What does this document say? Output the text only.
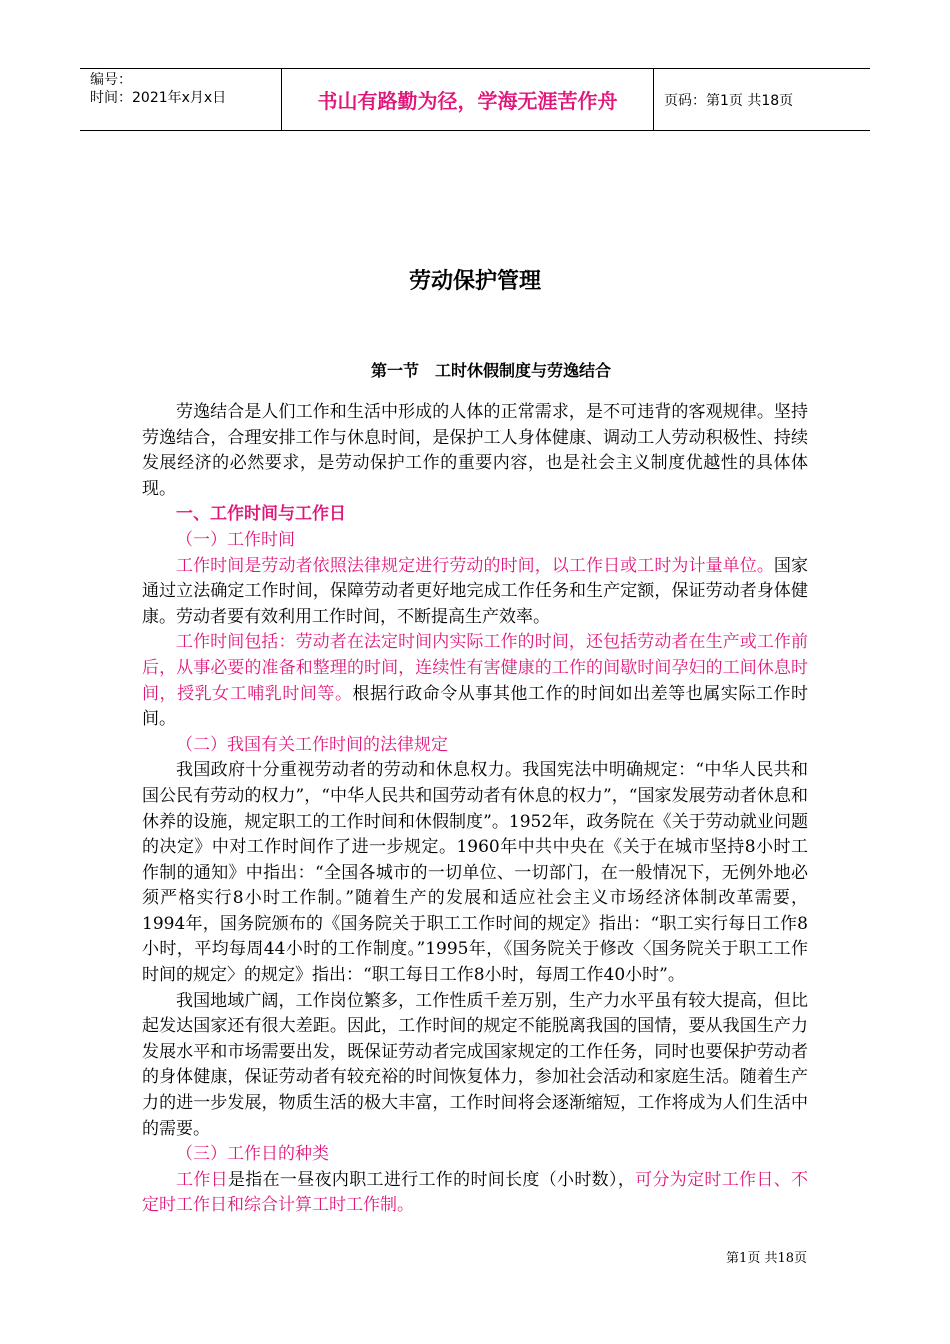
编号：
时间：2021年x月x日	书山有路勤为径，学海无涯苦作舟	页码：第1页 共18页
劳动保护管理
第一节　工时休假制度与劳逸结合

劳逸结合是人们工作和生活中形成的人体的正常需求，是不可违背的客观规律。坚持劳逸结合，合理安排工作与休息时间，是保护工人身体健康、调动工人劳动积极性、持续发展经济的必然要求，是劳动保护工作的重要内容，也是社会主义制度优越性的具体体现。

一、工作时间与工作日
（一）工作时间

工作时间是劳动者依照法律规定进行劳动的时间，以工作日或工时为计量单位。国家通过立法确定工作时间，保障劳动者更好地完成工作任务和生产定额，保证劳动者身体健康。劳动者要有效利用工作时间，不断提高生产效率。

工作时间包括：劳动者在法定时间内实际工作的时间，还包括劳动者在生产或工作前后，从事必要的准备和整理的时间，连续性有害健康的工作的间歇时间孕妇的工间休息时间，授乳女工哺乳时间等。根据行政命令从事其他工作的时间如出差等也属实际工作时间。

（二）我国有关工作时间的法律规定

我国政府十分重视劳动者的劳动和休息权力。我国宪法中明确规定：“中华人民共和国公民有劳动的权力”，“中华人民共和国劳动者有休息的权力”，“国家发展劳动者休息和休养的设施，规定职工的工作时间和休假制度”。1952年，政务院在《关于劳动就业问题的决定》中对工作时间作了进一步规定。1960年中共中央在《关于在城市坚持8小时工作制的通知》中指出：“全国各城市的一切单位、一切部门，在一般情况下，无例外地必须严格实行8小时工作制。”随着生产的发展和适应社会主义市场经济体制改革需要，1994年，国务院颁布的《国务院关于职工工作时间的规定》指出：“职工实行每日工作8小时，平均每周44小时的工作制度。”1995年，《国务院关于修改〈国务院关于职工工作时间的规定〉的规定》指出：“职工每日工作8小时，每周工作40小时”。

我国地域广阔，工作岗位繁多，工作性质千差万别，生产力水平虽有较大提高，但比起发达国家还有很大差距。因此，工作时间的规定不能脱离我国的国情，要从我国生产力发展水平和市场需要出发，既保证劳动者完成国家规定的工作任务，同时也要保护劳动者的身体健康，保证劳动者有较充裕的时间恢复体力，参加社会活动和家庭生活。随着生产力的进一步发展，物质生活的极大丰富，工作时间将会逐渐缩短，工作将成为人们生活中的需要。

（三）工作日的种类

工作日是指在一昼夜内职工进行工作的时间长度（小时数），可分为定时工作日、不定时工作日和综合计算工时工作制。

第1页 共18页
